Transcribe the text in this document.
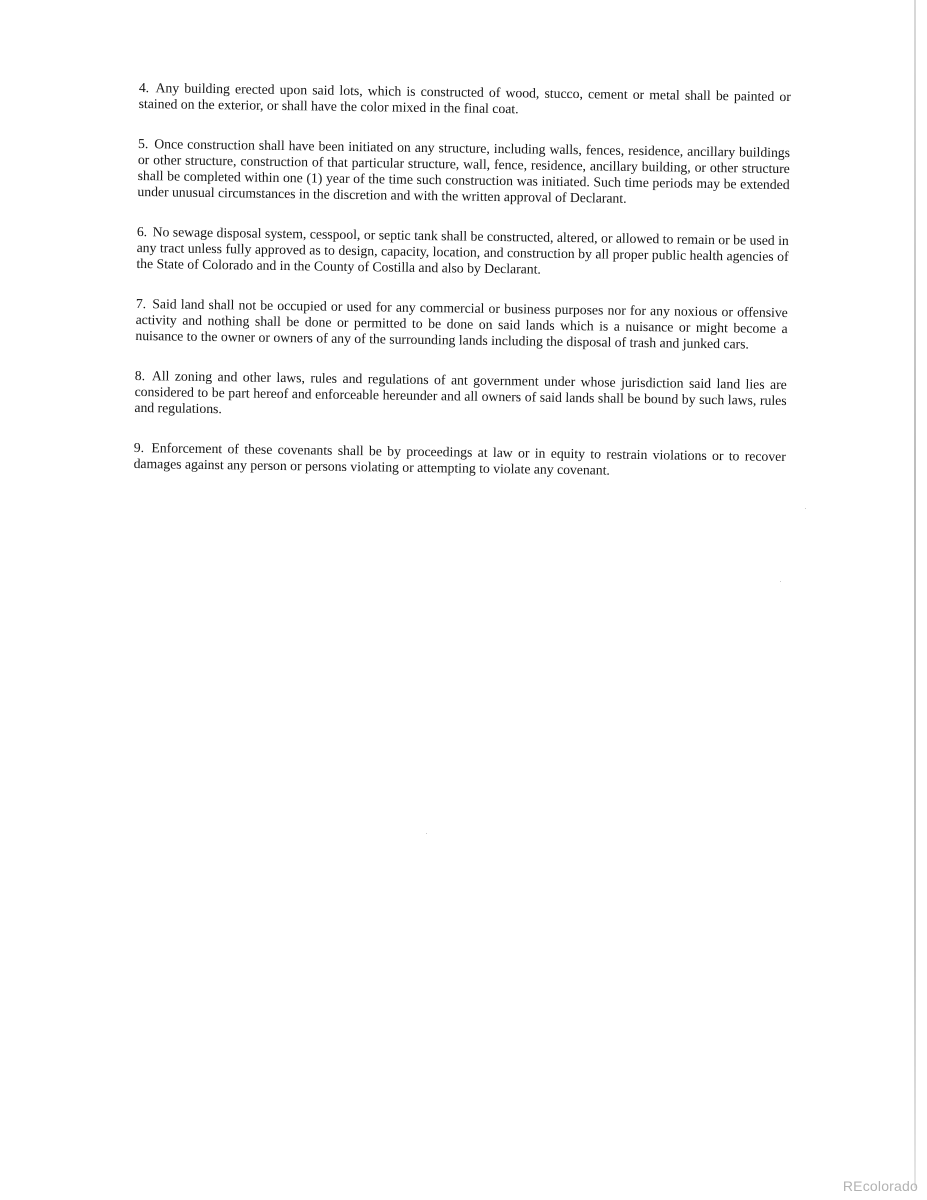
4. Any building erected upon said lots, which is constructed of wood, stucco, cement or metal shall be painted or stained on the exterior, or shall have the color mixed in the final coat.

5. Once construction shall have been initiated on any structure, including walls, fences, residence, ancillary buildings or other structure, construction of that particular structure, wall, fence, residence, ancillary building, or other structure shall be completed within one (1) year of the time such construction was initiated. Such time periods may be extended under unusual circumstances in the discretion and with the written approval of Declarant.

6. No sewage disposal system, cesspool, or septic tank shall be constructed, altered, or allowed to remain or be used in any tract unless fully approved as to design, capacity, location, and construction by all proper public health agencies of the State of Colorado and in the County of Costilla and also by Declarant.

7. Said land shall not be occupied or used for any commercial or business purposes nor for any noxious or offensive activity and nothing shall be done or permitted to be done on said lands which is a nuisance or might become a nuisance to the owner or owners of any of the surrounding lands including the disposal of trash and junked cars.

8. All zoning and other laws, rules and regulations of ant government under whose jurisdiction said land lies are considered to be part hereof and enforceable hereunder and all owners of said lands shall be bound by such laws, rules and regulations.

9. Enforcement of these covenants shall be by proceedings at law or in equity to restrain violations or to recover damages against any person or persons violating or attempting to violate any covenant.

REcolorado
